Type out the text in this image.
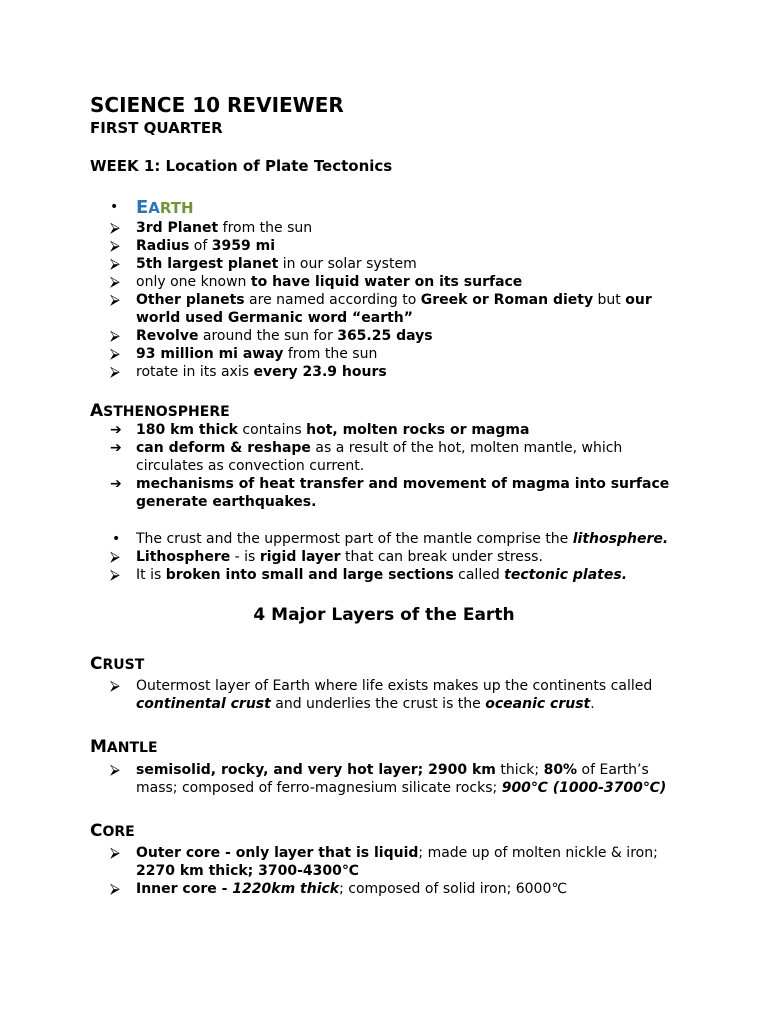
SCIENCE 10 REVIEWER
FIRST QUARTER
WEEK 1: Location of Plate Tectonics
• EARTH
⮚	3rd Planet from the sun
⮚	Radius of 3959 mi
⮚	5th largest planet in our solar system
⮚	only one known to have liquid water on its surface
⮚	Other planets are named according to Greek or Roman diety but our
world used Germanic word “earth”
⮚	Revolve around the sun for 365.25 days
⮚	93 million mi away from the sun
⮚	rotate in its axis every 23.9 hours
ASTHENOSPHERE
➔	180 km thick contains hot, molten rocks or magma
➔	can deform & reshape as a result of the hot, molten mantle, which
circulates as convection current.
➔	mechanisms of heat transfer and movement of magma into surface
generate earthquakes.
•	The crust and the uppermost part of the mantle comprise the lithosphere.
⮚	Lithosphere - is rigid layer that can break under stress.
⮚	It is broken into small and large sections called tectonic plates.
4 Major Layers of the Earth
CRUST
⮚	Outermost layer of Earth where life exists makes up the continents called
continental crust and underlies the crust is the oceanic crust.
MANTLE
⮚	semisolid, rocky, and very hot layer; 2900 km thick; 80% of Earth’s
mass; composed of ferro-magnesium silicate rocks; 900℃ (1000-3700℃)
CORE
⮚	Outer core - only layer that is liquid; made up of molten nickle & iron;
2270 km thick; 3700-4300℃
⮚	Inner core - 1220km thick; composed of solid iron; 6000℃
